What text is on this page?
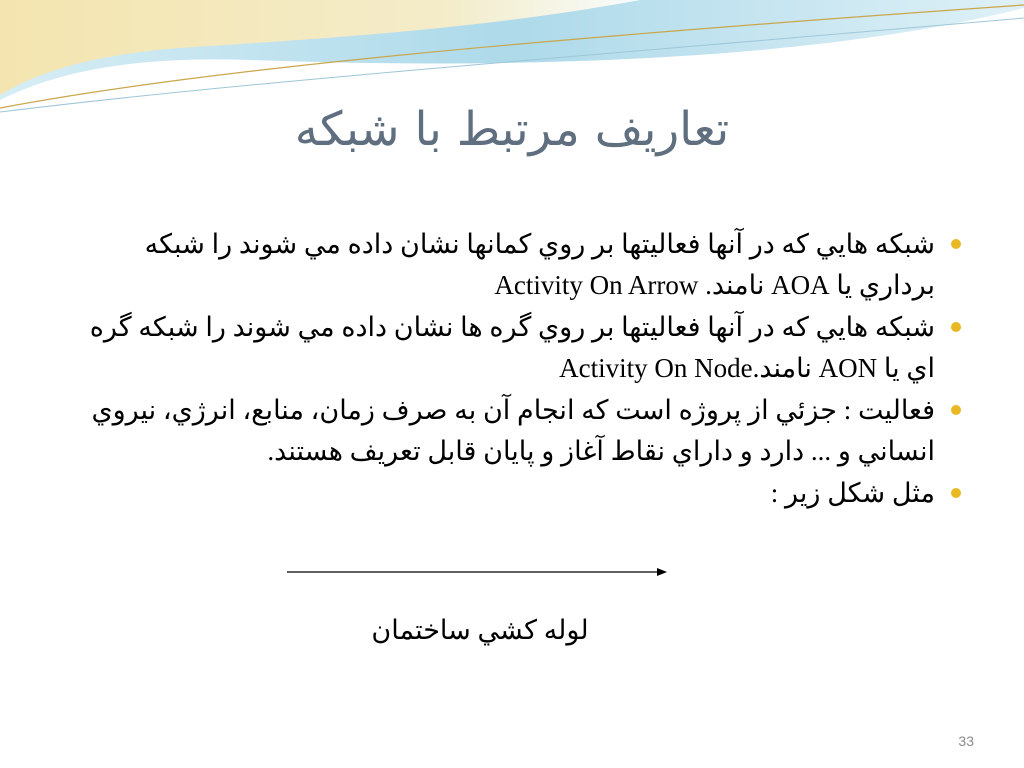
تعاريف مرتبط با شبکه
شبکه هايي که در آنها فعاليتها بر روي کمانها نشان داده مي شوند را شبکه برداري يا AOA نامند. Activity On Arrow
شبکه هايي که در آنها فعاليتها بر روي گره ها نشان داده مي شوند را شبکه گره اي يا AON نامند.Activity On Node
فعاليت : جزئي از پروژه است که انجام آن به صرف زمان، منابع، انرژي، نيروي انساني و ... دارد و داراي نقاط آغاز و پايان قابل تعريف هستند.
مثل شکل زير :
لوله کشي ساختمان
33
